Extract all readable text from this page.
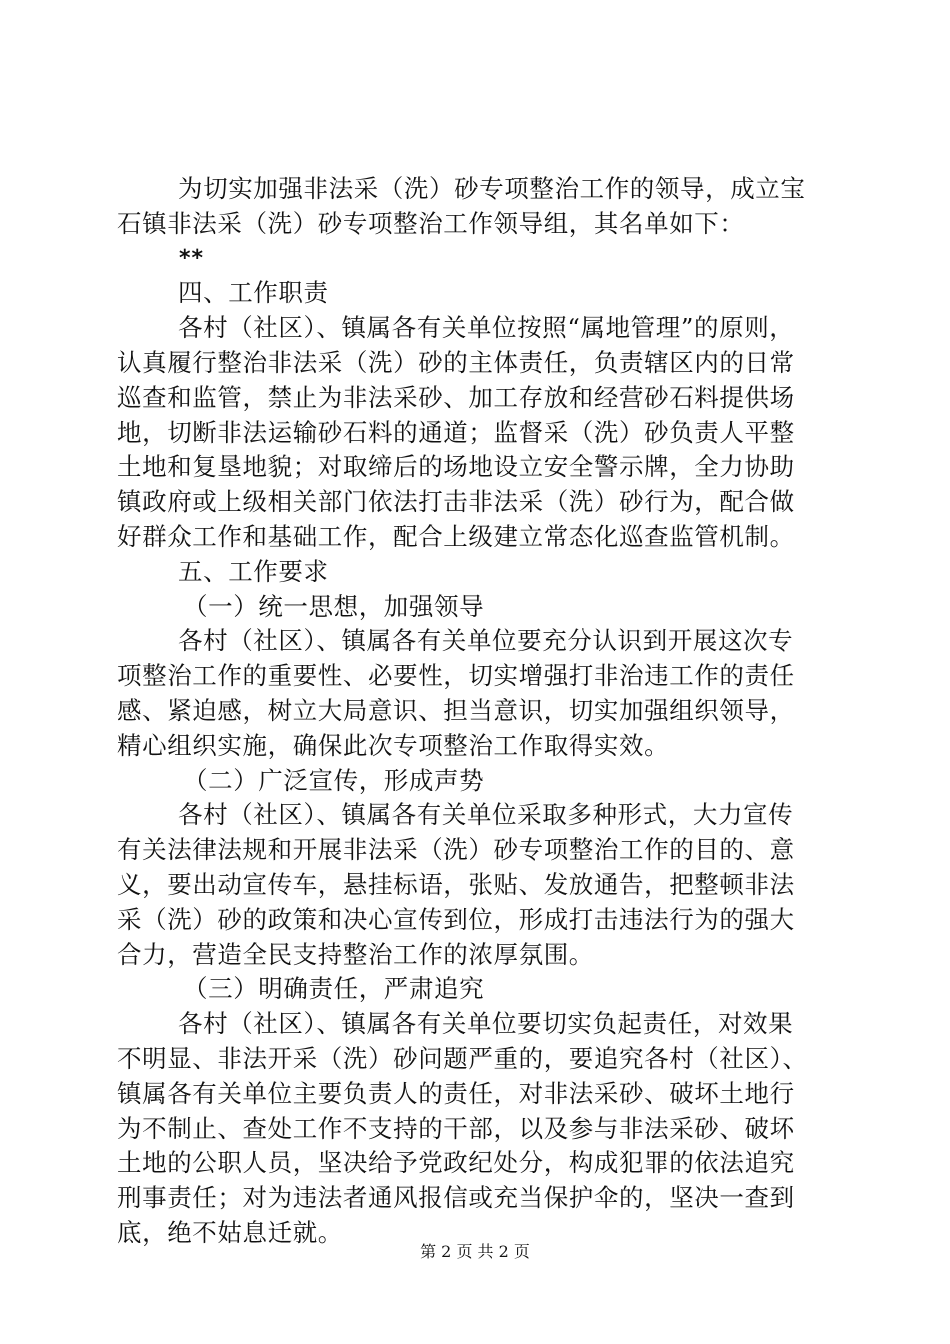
为切实加强非法采（洗）砂专项整治工作的领导，成立宝
石镇非法采（洗）砂专项整治工作领导组，其名单如下：
**
四、工作职责
各村（社区）、镇属各有关单位按照“属地管理”的原则，
认真履行整治非法采（洗）砂的主体责任，负责辖区内的日常
巡查和监管，禁止为非法采砂、加工存放和经营砂石料提供场
地，切断非法运输砂石料的通道；监督采（洗）砂负责人平整
土地和复垦地貌；对取缔后的场地设立安全警示牌，全力协助
镇政府或上级相关部门依法打击非法采（洗）砂行为，配合做
好群众工作和基础工作，配合上级建立常态化巡查监管机制。
五、工作要求
（一）统一思想，加强领导
各村（社区）、镇属各有关单位要充分认识到开展这次专
项整治工作的重要性、必要性，切实增强打非治违工作的责任
感、紧迫感，树立大局意识、担当意识，切实加强组织领导，
精心组织实施，确保此次专项整治工作取得实效。
（二）广泛宣传，形成声势
各村（社区）、镇属各有关单位采取多种形式，大力宣传
有关法律法规和开展非法采（洗）砂专项整治工作的目的、意
义，要出动宣传车，悬挂标语，张贴、发放通告，把整顿非法
采（洗）砂的政策和决心宣传到位，形成打击违法行为的强大
合力，营造全民支持整治工作的浓厚氛围。
（三）明确责任，严肃追究
各村（社区）、镇属各有关单位要切实负起责任，对效果
不明显、非法开采（洗）砂问题严重的，要追究各村（社区）、
镇属各有关单位主要负责人的责任，对非法采砂、破坏土地行
为不制止、查处工作不支持的干部，以及参与非法采砂、破坏
土地的公职人员，坚决给予党政纪处分，构成犯罪的依法追究
刑事责任；对为违法者通风报信或充当保护伞的，坚决一查到
底，绝不姑息迁就。
第 2 页 共 2 页
